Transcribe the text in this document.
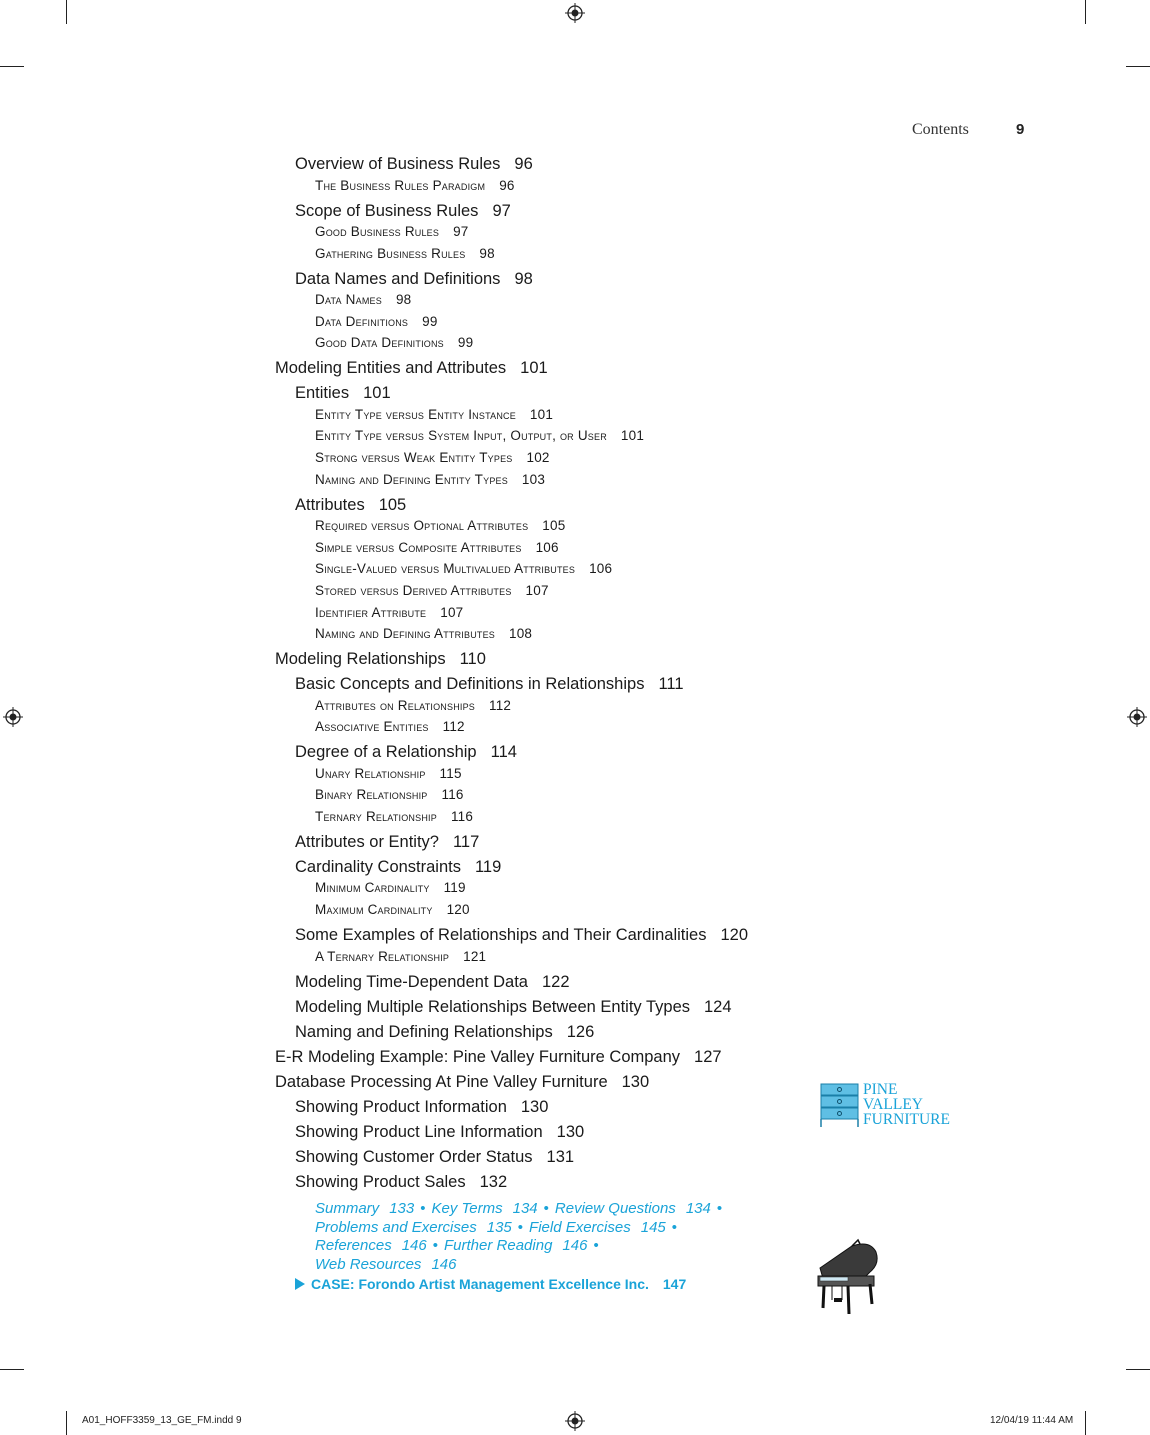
Contents	9
Overview of Business Rules 96
The Business Rules Paradigm 96
Scope of Business Rules 97
Good Business Rules 97
Gathering Business Rules 98
Data Names and Definitions 98
Data Names 98
Data Definitions 99
Good Data Definitions 99
Modeling Entities and Attributes 101
Entities 101
Entity Type versus Entity Instance 101
Entity Type versus System Input, Output, or User 101
Strong versus Weak Entity Types 102
Naming and Defining Entity Types 103
Attributes 105
Required versus Optional Attributes 105
Simple versus Composite Attributes 106
Single-Valued versus Multivalued Attributes 106
Stored versus Derived Attributes 107
Identifier Attribute 107
Naming and Defining Attributes 108
Modeling Relationships 110
Basic Concepts and Definitions in Relationships 111
Attributes on Relationships 112
Associative Entities 112
Degree of a Relationship 114
Unary Relationship 115
Binary Relationship 116
Ternary Relationship 116
Attributes or Entity? 117
Cardinality Constraints 119
Minimum Cardinality 119
Maximum Cardinality 120
Some Examples of Relationships and Their Cardinalities 120
A Ternary Relationship 121
Modeling Time-Dependent Data 122
Modeling Multiple Relationships Between Entity Types 124
Naming and Defining Relationships 126
E-R Modeling Example: Pine Valley Furniture Company 127
Database Processing At Pine Valley Furniture 130
Showing Product Information 130
Showing Product Line Information 130
Showing Customer Order Status 131
Showing Product Sales 132
Summary 133 • Key Terms 134 • Review Questions 134 •
Problems and Exercises 135 • Field Exercises 145 •
References 146 • Further Reading 146 •
Web Resources 146
CASE: Forondo Artist Management Excellence Inc. 147
PINE
VALLEY
FURNITURE
A01_HOFF3359_13_GE_FM.indd 9	12/04/19 11:44 AM
